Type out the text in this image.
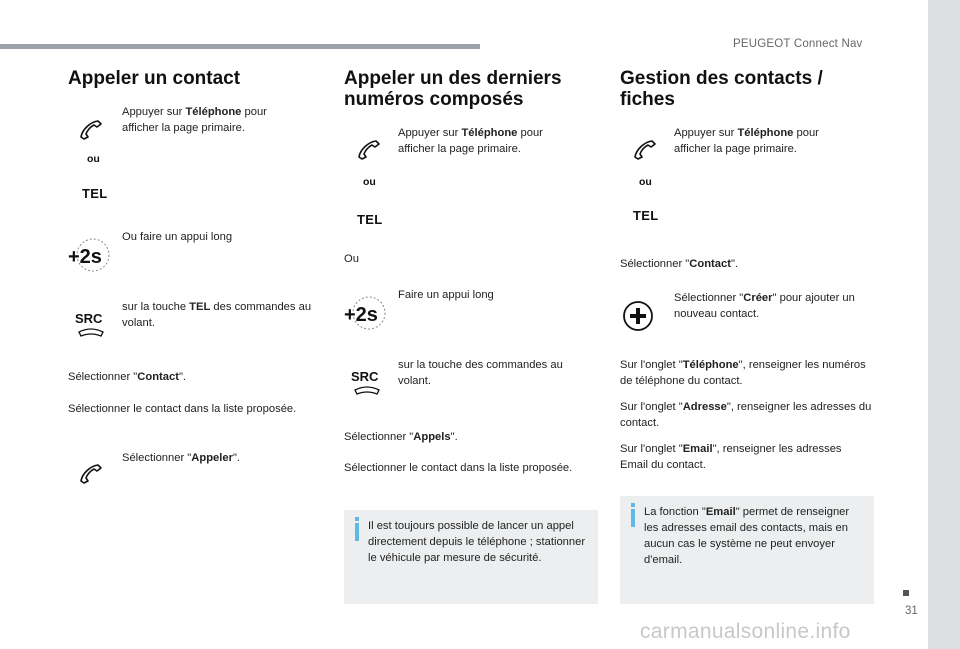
PEUGEOT Connect Nav
31
carmanualsonline.info
Appeler un contact
Appuyer sur Téléphone pour afficher la page primaire.
ou
TEL
+2s
Ou faire un appui long
SRC
sur la touche TEL des commandes au volant.
Sélectionner "Contact".
Sélectionner le contact dans la liste proposée.
Sélectionner "Appeler".
Appeler un des derniers
numéros composés
Appuyer sur Téléphone pour afficher la page primaire.
ou
TEL
Ou
+2s
Faire un appui long
SRC
sur la touche des commandes au volant.
Sélectionner "Appels".
Sélectionner le contact dans la liste proposée.
Il est toujours possible de lancer un appel directement depuis le téléphone ; stationner le véhicule par mesure de sécurité.
Gestion des contacts /
fiches
Appuyer sur Téléphone pour afficher la page primaire.
ou
TEL
Sélectionner "Contact".
Sélectionner "Créer" pour ajouter un nouveau contact.
Sur l'onglet "Téléphone", renseigner les numéros de téléphone du contact.
Sur l'onglet "Adresse", renseigner les adresses du contact.
Sur l'onglet "Email", renseigner les adresses Email du contact.
La fonction "Email" permet de renseigner les adresses email des contacts, mais en aucun cas le système ne peut envoyer d'email.
